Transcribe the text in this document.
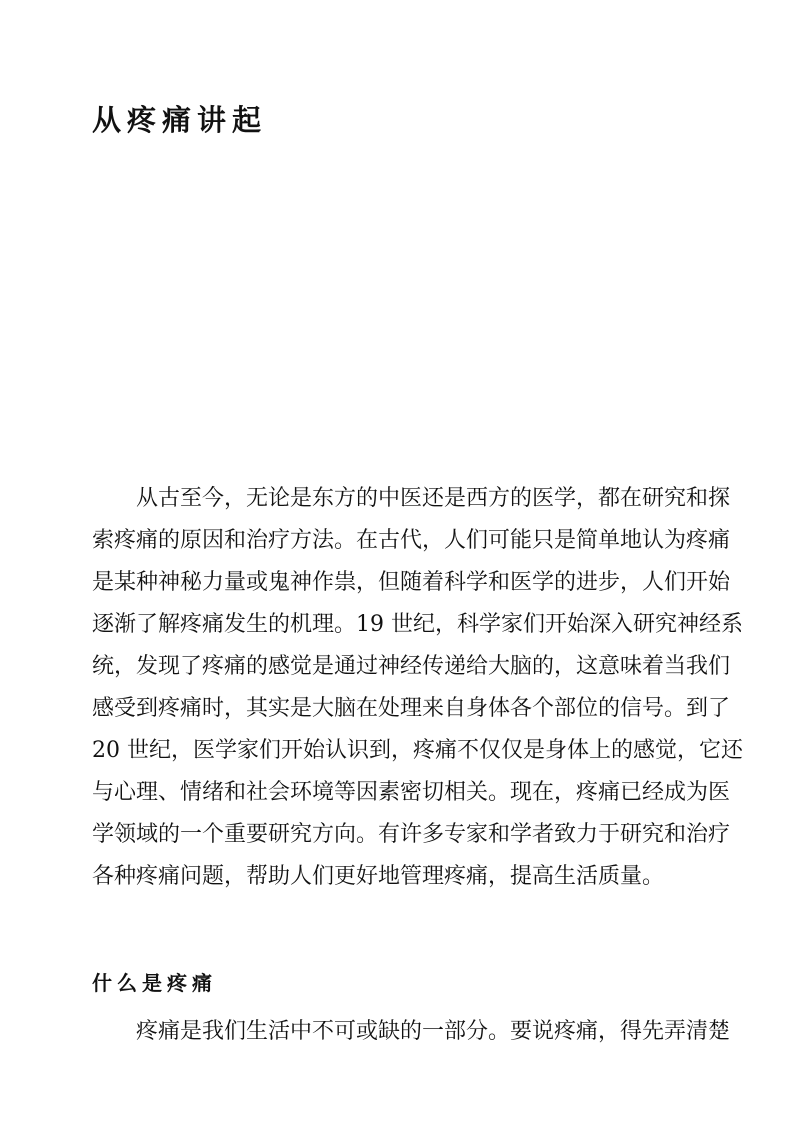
从疼痛讲起
从古至今，无论是东方的中医还是西方的医学，都在研究和探
索疼痛的原因和治疗方法。在古代，人们可能只是简单地认为疼痛
是某种神秘力量或鬼神作祟，但随着科学和医学的进步，人们开始
逐渐了解疼痛发生的机理。19 世纪，科学家们开始深入研究神经系
统，发现了疼痛的感觉是通过神经传递给大脑的，这意味着当我们
感受到疼痛时，其实是大脑在处理来自身体各个部位的信号。到了
20 世纪，医学家们开始认识到，疼痛不仅仅是身体上的感觉，它还
与心理、情绪和社会环境等因素密切相关。现在，疼痛已经成为医
学领域的一个重要研究方向。有许多专家和学者致力于研究和治疗
各种疼痛问题，帮助人们更好地管理疼痛，提高生活质量。
什么是疼痛
疼痛是我们生活中不可或缺的一部分。要说疼痛，得先弄清楚
